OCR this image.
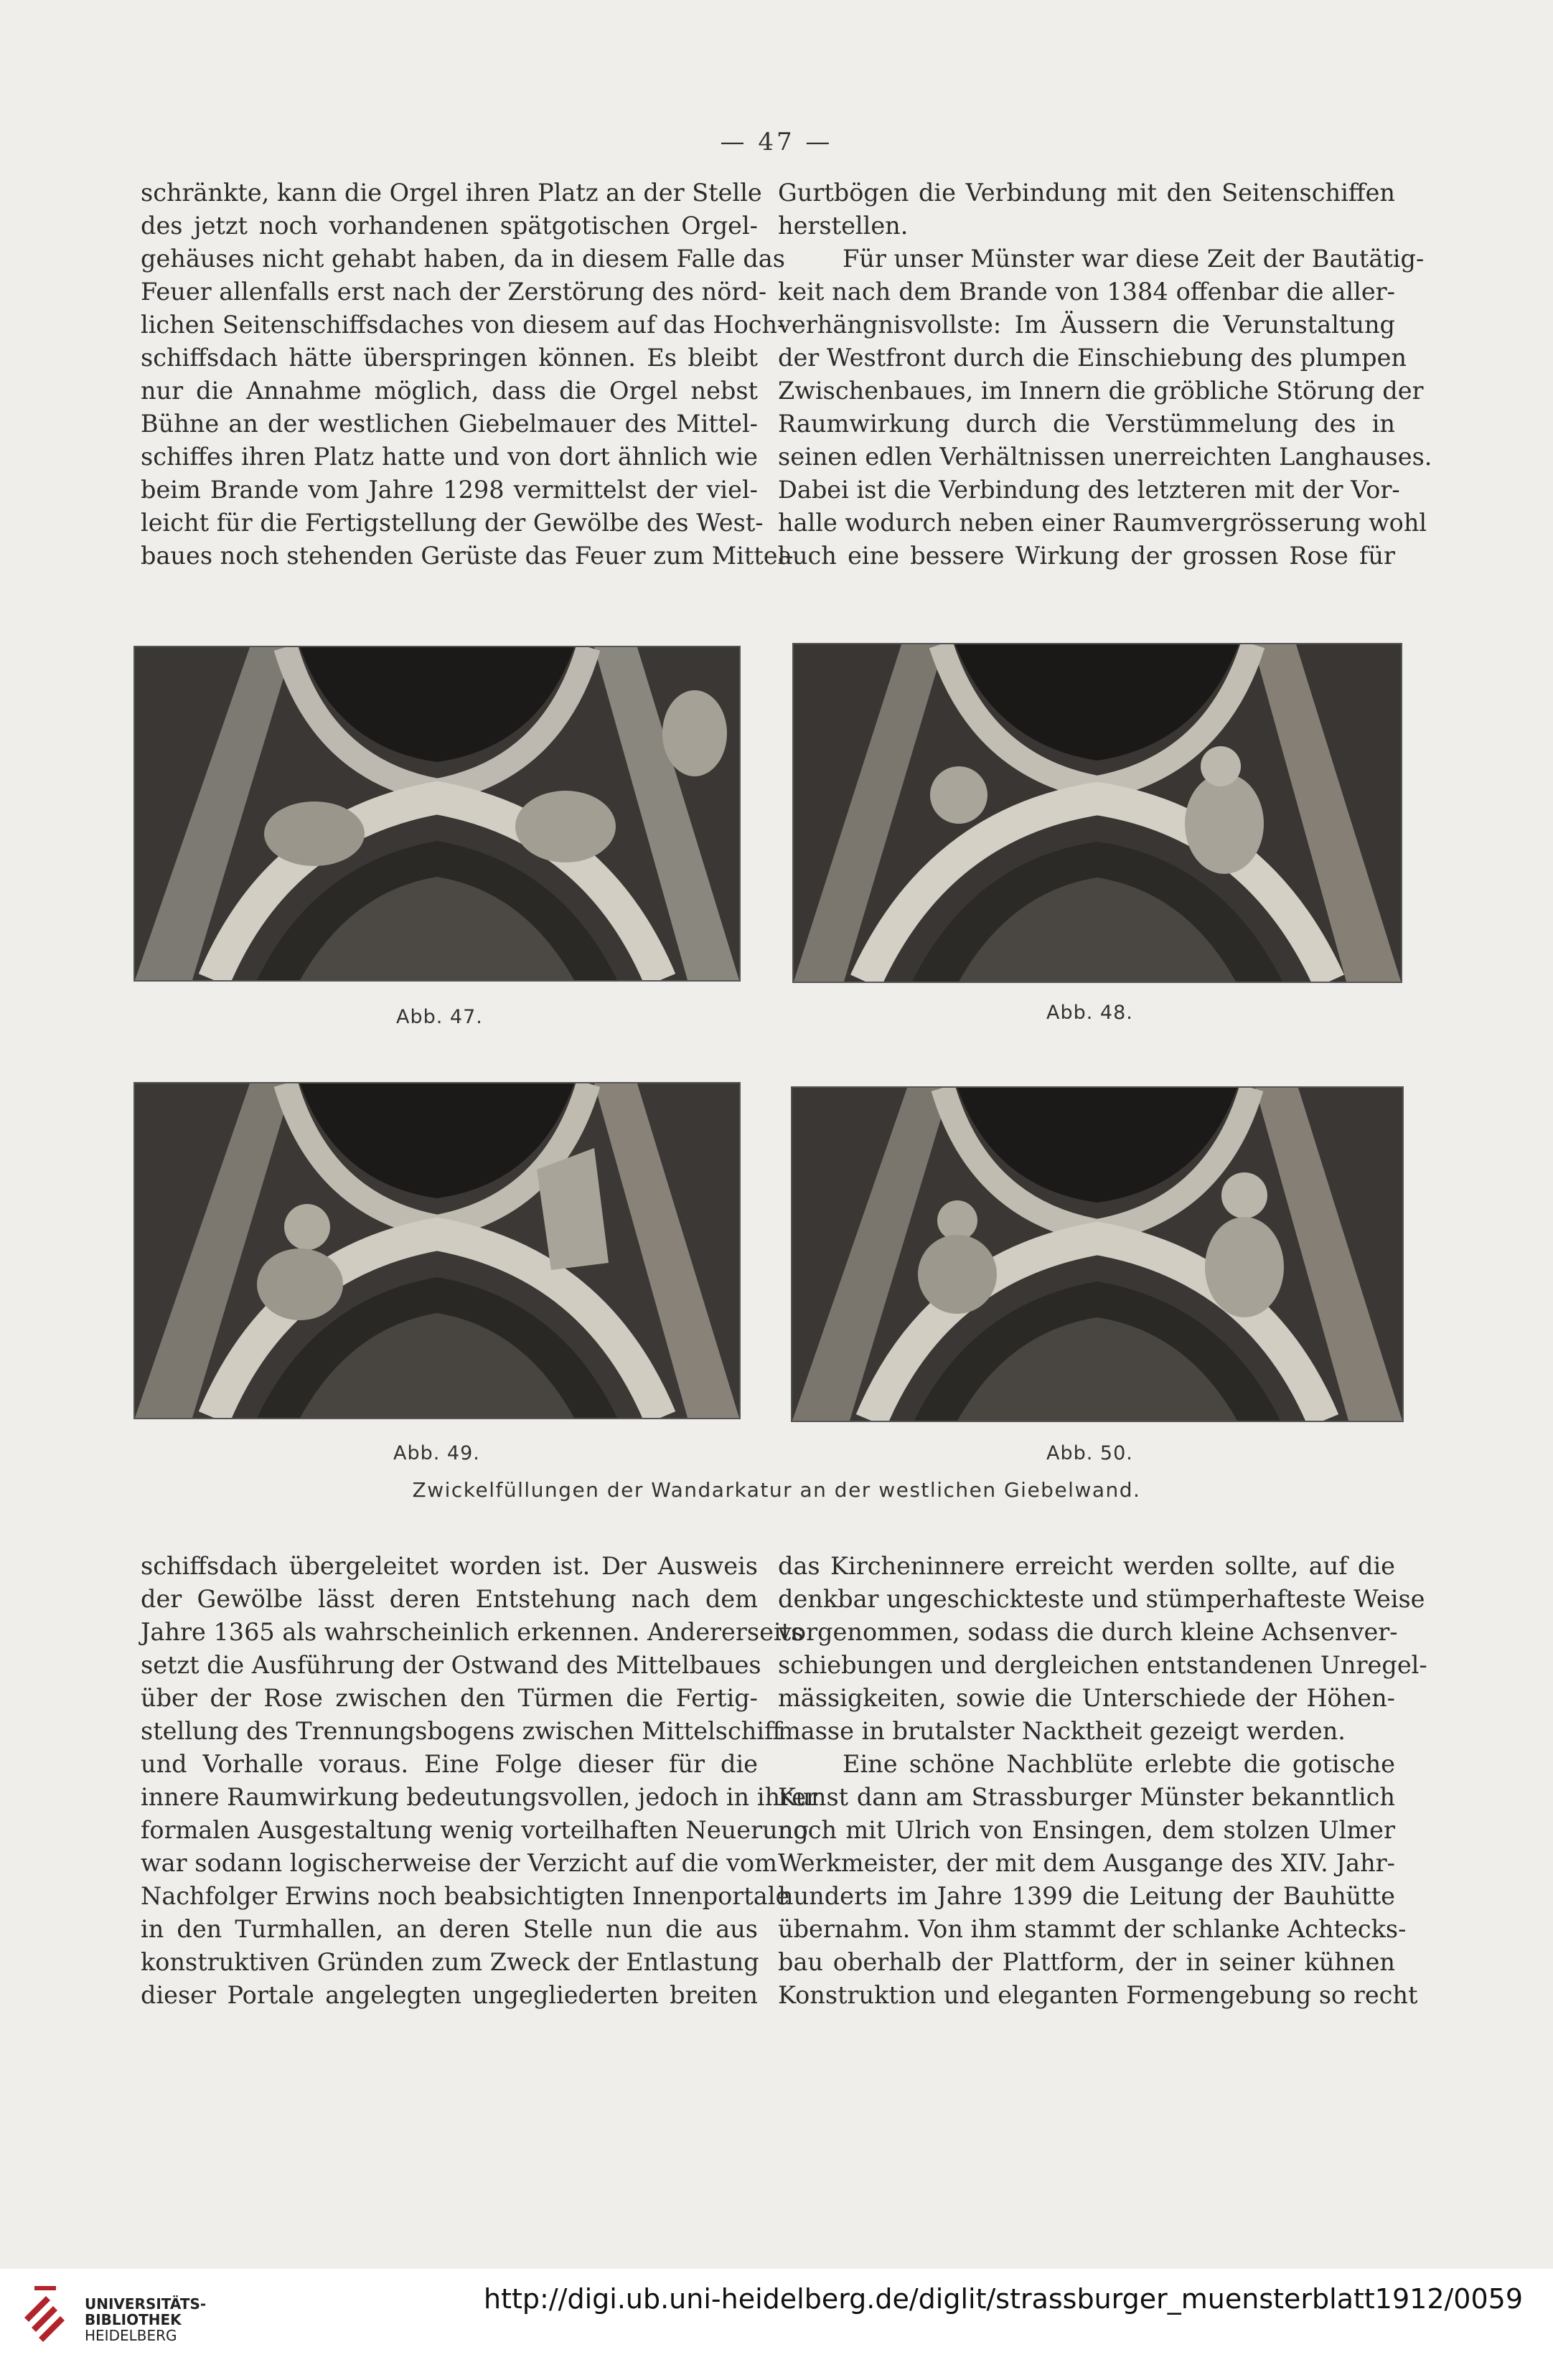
— 47 —
schränkte, kann die Orgel ihren Platz an der Stelle
des jetzt noch vorhandenen spätgotischen Orgel-
gehäuses nicht gehabt haben, da in diesem Falle das
Feuer allenfalls erst nach der Zerstörung des nörd-
lichen Seitenschiffsdaches von diesem auf das Hoch-
schiffsdach hätte überspringen können. Es bleibt
nur die Annahme möglich, dass die Orgel nebst
Bühne an der westlichen Giebelmauer des Mittel-
schiffes ihren Platz hatte und von dort ähnlich wie
beim Brande vom Jahre 1298 vermittelst der viel-
leicht für die Fertigstellung der Gewölbe des West-
baues noch stehenden Gerüste das Feuer zum Mittel-
Gurtbögen die Verbindung mit den Seitenschiffen
herstellen.
Für unser Münster war diese Zeit der Bautätig-
keit nach dem Brande von 1384 offenbar die aller-
verhängnisvollste: Im Äussern die Verunstaltung
der Westfront durch die Einschiebung des plumpen
Zwischenbaues, im Innern die gröbliche Störung der
Raumwirkung durch die Verstümmelung des in
seinen edlen Verhältnissen unerreichten Langhauses.
Dabei ist die Verbindung des letzteren mit der Vor-
halle wodurch neben einer Raumvergrösserung wohl
auch eine bessere Wirkung der grossen Rose für
Abb. 47.	Abb. 48.
Abb. 49.	Abb. 50.
Zwickelfüllungen der Wandarkatur an der westlichen Giebelwand.
schiffsdach übergeleitet worden ist. Der Ausweis
der Gewölbe lässt deren Entstehung nach dem
Jahre 1365 als wahrscheinlich erkennen. Andererseits
setzt die Ausführung der Ostwand des Mittelbaues
über der Rose zwischen den Türmen die Fertig-
stellung des Trennungsbogens zwischen Mittelschiff
und Vorhalle voraus. Eine Folge dieser für die
innere Raumwirkung bedeutungsvollen, jedoch in ihrer
formalen Ausgestaltung wenig vorteilhaften Neuerung
war sodann logischerweise der Verzicht auf die vom
Nachfolger Erwins noch beabsichtigten Innenportale
in den Turmhallen, an deren Stelle nun die aus
konstruktiven Gründen zum Zweck der Entlastung
dieser Portale angelegten ungegliederten breiten
das Kircheninnere erreicht werden sollte, auf die
denkbar ungeschickteste und stümperhafteste Weise
vorgenommen, sodass die durch kleine Achsenver-
schiebungen und dergleichen entstandenen Unregel-
mässigkeiten, sowie die Unterschiede der Höhen-
masse in brutalster Nacktheit gezeigt werden.
Eine schöne Nachblüte erlebte die gotische
Kunst dann am Strassburger Münster bekanntlich
noch mit Ulrich von Ensingen, dem stolzen Ulmer
Werkmeister, der mit dem Ausgange des XIV. Jahr-
hunderts im Jahre 1399 die Leitung der Bauhütte
übernahm. Von ihm stammt der schlanke Achtecks-
bau oberhalb der Plattform, der in seiner kühnen
Konstruktion und eleganten Formengebung so recht
UNIVERSITÄTS-
BIBLIOTHEK
HEIDELBERG
http://digi.ub.uni-heidelberg.de/diglit/strassburger_muensterblatt1912/0059
